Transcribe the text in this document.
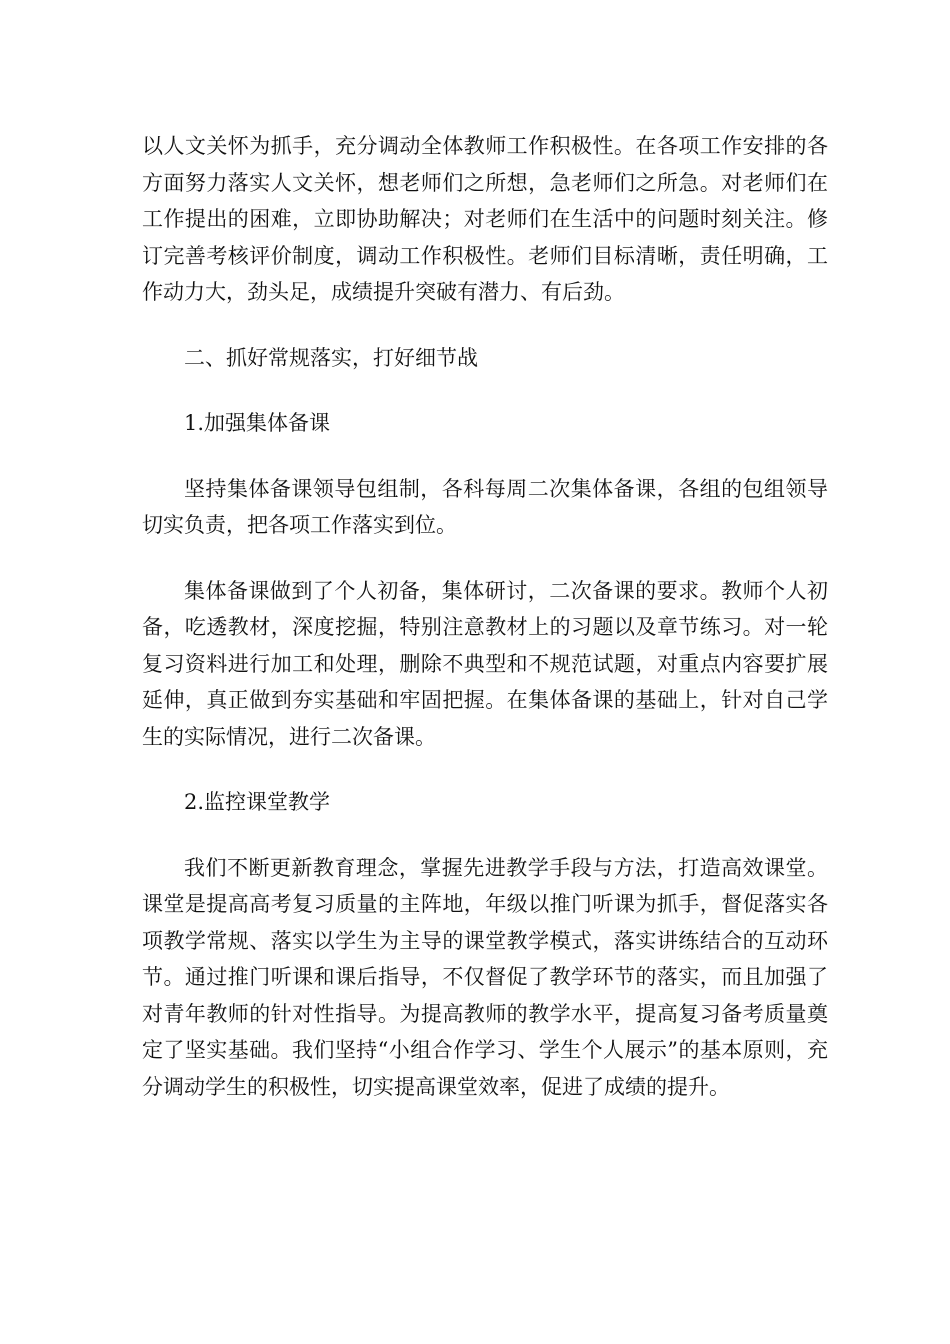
以人文关怀为抓手，充分调动全体教师工作积极性。在各项工作安排的各方面努力落实人文关怀，想老师们之所想，急老师们之所急。对老师们在工作提出的困难，立即协助解决；对老师们在生活中的问题时刻关注。修订完善考核评价制度，调动工作积极性。老师们目标清晰，责任明确，工作动力大，劲头足，成绩提升突破有潜力、有后劲。

二、抓好常规落实，打好细节战

1.加强集体备课

坚持集体备课领导包组制，各科每周二次集体备课，各组的包组领导切实负责，把各项工作落实到位。

集体备课做到了个人初备，集体研讨，二次备课的要求。教师个人初备，吃透教材，深度挖掘，特别注意教材上的习题以及章节练习。对一轮复习资料进行加工和处理，删除不典型和不规范试题，对重点内容要扩展延伸，真正做到夯实基础和牢固把握。在集体备课的基础上，针对自己学生的实际情况，进行二次备课。

2.监控课堂教学

我们不断更新教育理念，掌握先进教学手段与方法，打造高效课堂。课堂是提高高考复习质量的主阵地，年级以推门听课为抓手，督促落实各项教学常规、落实以学生为主导的课堂教学模式，落实讲练结合的互动环节。通过推门听课和课后指导，不仅督促了教学环节的落实，而且加强了对青年教师的针对性指导。为提高教师的教学水平，提高复习备考质量奠定了坚实基础。我们坚持“小组合作学习、学生个人展示”的基本原则，充分调动学生的积极性，切实提高课堂效率，促进了成绩的提升。
